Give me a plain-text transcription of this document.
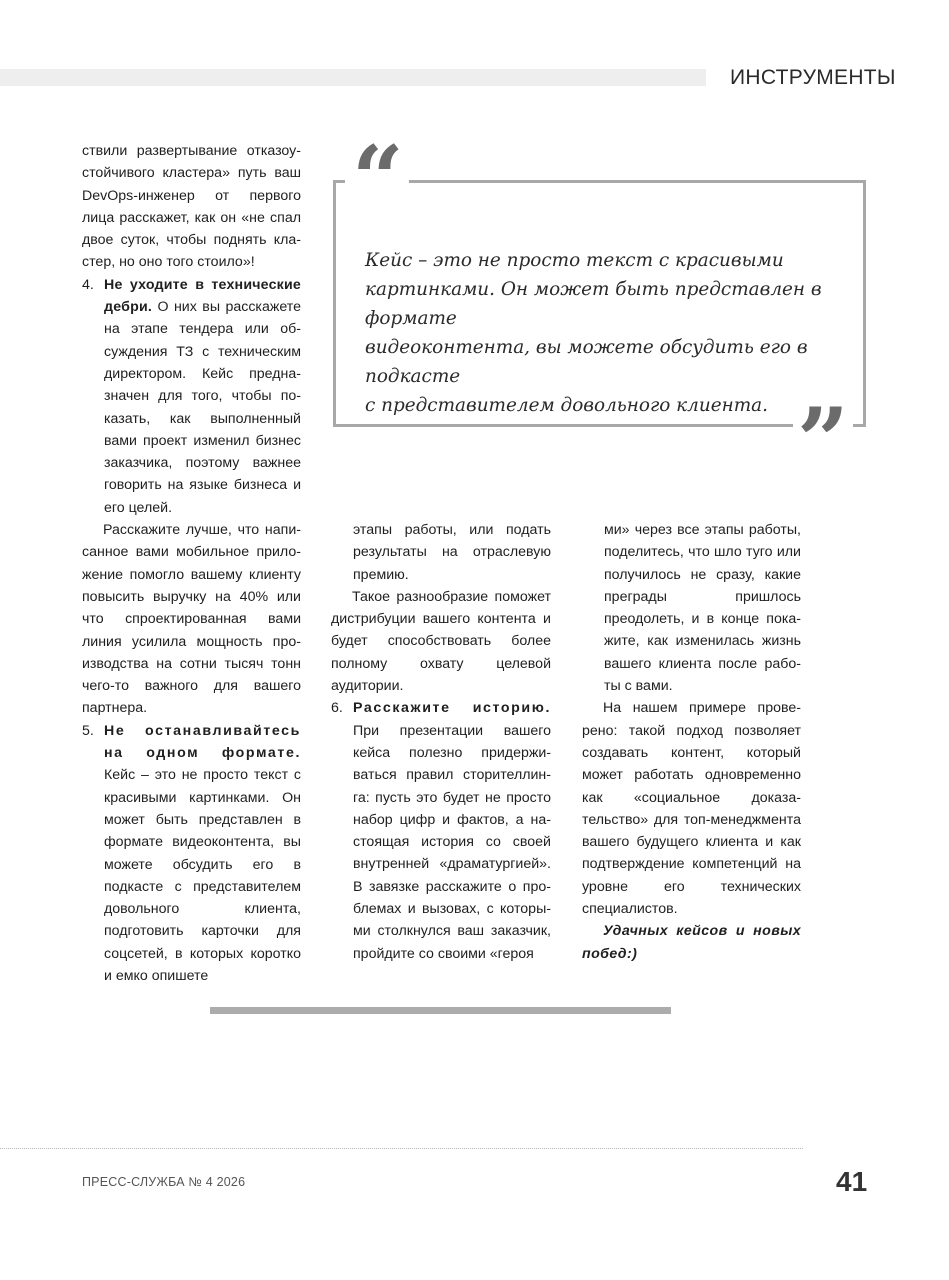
ИНСТРУМЕНТЫ

ствили развертывание отказоустойчивого кластера» путь ваш DevOps-инженер от первого лица расскажет, как он «не спал двое суток, чтобы поднять кластер, но оно того стоило»!

4. Не уходите в технические дебри. О них вы расскажете на этапе тендера или обсуждения ТЗ с техническим директором. Кейс предназначен для того, чтобы показать, как выполненный вами проект изменил бизнес заказчика, поэтому важнее говорить на языке бизнеса и его целей.

Расскажите лучше, что написанное вами мобильное приложение помогло вашему клиенту повысить выручку на 40% или что спроектированная вами линия усилила мощность производства на сотни тысяч тонн чего-то важного для вашего партнера.

5. Не останавливайтесь на одном формате. Кейс – это не просто текст с красивыми картинками. Он может быть представлен в формате видеоконтента, вы можете обсудить его в подкасте с представителем довольного клиента, подготовить карточки для соцсетей, в которых коротко и емко опишете

этапы работы, или подать результаты на отраслевую премию.

Такое разнообразие поможет дистрибуции вашего контента и будет способствовать более полному охвату целевой аудитории.

6. Расскажите историю. При презентации вашего кейса полезно придерживаться правил сторителлинга: пусть это будет не просто набор цифр и фактов, а настоящая история со своей внутренней «драматургией». В завязке расскажите о проблемах и вызовах, с которыми столкнулся ваш заказчик, пройдите со своими «героя

ми» через все этапы работы, поделитесь, что шло туго или получилось не сразу, какие преграды пришлось преодолеть, и в конце покажите, как изменилась жизнь вашего клиента после работы с вами.

На нашем примере проверено: такой подход позволяет создавать контент, который может работать одновременно как «социальное доказательство» для топ-менеджмента вашего будущего клиента и как подтверждение компетенций на уровне его технических специалистов.

Удачных кейсов и новых побед:)

“
”
Кейс – это не просто текст с красивыми
картинками. Он может быть представлен в формате
видеоконтента, вы можете обсудить его в подкасте
с представителем довольного клиента.
ПРЕСС-СЛУЖБА № 4 2026	41
